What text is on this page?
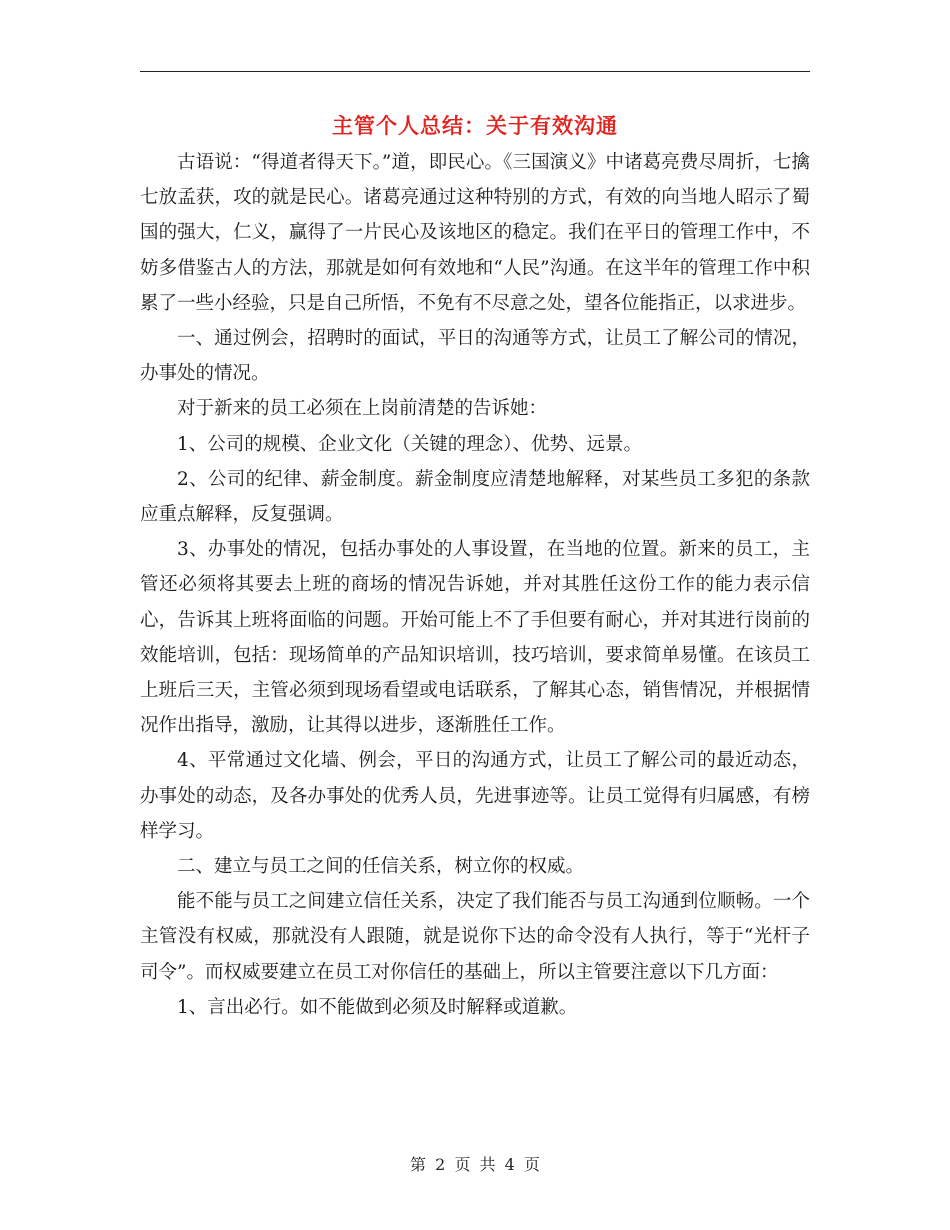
主管个人总结：关于有效沟通

古语说：“得道者得天下。”道，即民心。《三国演义》中诸葛亮费尽周折，七擒七放孟获，攻的就是民心。诸葛亮通过这种特别的方式，有效的向当地人昭示了蜀国的强大，仁义，赢得了一片民心及该地区的稳定。我们在平日的管理工作中，不妨多借鉴古人的方法，那就是如何有效地和“人民”沟通。在这半年的管理工作中积累了一些小经验，只是自己所悟，不免有不尽意之处，望各位能指正，以求进步。

一、通过例会，招聘时的面试，平日的沟通等方式，让员工了解公司的情况，办事处的情况。

对于新来的员工必须在上岗前清楚的告诉她：

1、公司的规模、企业文化（关键的理念）、优势、远景。

2、公司的纪律、薪金制度。薪金制度应清楚地解释，对某些员工多犯的条款应重点解释，反复强调。

3、办事处的情况，包括办事处的人事设置，在当地的位置。新来的员工，主管还必须将其要去上班的商场的情况告诉她，并对其胜任这份工作的能力表示信心，告诉其上班将面临的问题。开始可能上不了手但要有耐心，并对其进行岗前的效能培训，包括：现场简单的产品知识培训，技巧培训，要求简单易懂。在该员工上班后三天，主管必须到现场看望或电话联系，了解其心态，销售情况，并根据情况作出指导，激励，让其得以进步，逐渐胜任工作。

4、平常通过文化墙、例会，平日的沟通方式，让员工了解公司的最近动态，办事处的动态，及各办事处的优秀人员，先进事迹等。让员工觉得有归属感，有榜样学习。

二、建立与员工之间的任信关系，树立你的权威。

能不能与员工之间建立信任关系，决定了我们能否与员工沟通到位顺畅。一个主管没有权威，那就没有人跟随，就是说你下达的命令没有人执行，等于“光杆子司令”。而权威要建立在员工对你信任的基础上，所以主管要注意以下几方面：

1、言出必行。如不能做到必须及时解释或道歉。

第 2 页 共 4 页
